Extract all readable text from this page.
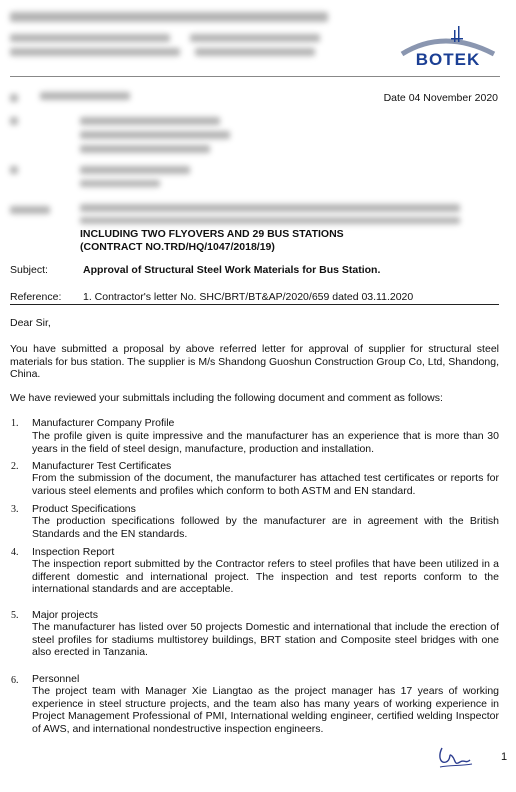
BOTEK
Date 04 November 2020
INCLUDING TWO FLYOVERS AND 29 BUS STATIONS
(CONTRACT NO.TRD/HQ/1047/2018/19)
Subject:	Approval of Structural Steel Work Materials for Bus Station.
Reference: 1. Contractor's letter No. SHC/BRT/BT&AP/2020/659 dated 03.11.2020
Dear Sir,
You have submitted a proposal by above referred letter for approval of supplier for structural steel materials for bus station. The supplier is M/s Shandong Guoshun Construction Group Co, Ltd, Shandong, China.
We have reviewed your submittals including the following document and comment as follows:
1. Manufacturer Company Profile
The profile given is quite impressive and the manufacturer has an experience that is more than 30 years in the field of steel design, manufacture, production and installation.
2. Manufacturer Test Certificates
From the submission of the document, the manufacturer has attached test certificates or reports for various steel elements and profiles which conform to both ASTM and EN standard.
3. Product Specifications
The production specifications followed by the manufacturer are in agreement with the British Standards and the EN standards.
4. Inspection Report
The inspection report submitted by the Contractor refers to steel profiles that have been utilized in a different domestic and international project. The inspection and test reports conform to the international standards and are acceptable.
5. Major projects
The manufacturer has listed over 50 projects Domestic and international that include the erection of steel profiles for stadiums multistorey buildings, BRT station and Composite steel bridges with one also erected in Tanzania.
6. Personnel
The project team with Manager Xie Liangtao as the project manager has 17 years of working experience in steel structure projects, and the team also has many years of working experience in Project Management Professional of PMI, International welding engineer, certified welding Inspector of AWS, and international nondestructive inspection engineers.
1
